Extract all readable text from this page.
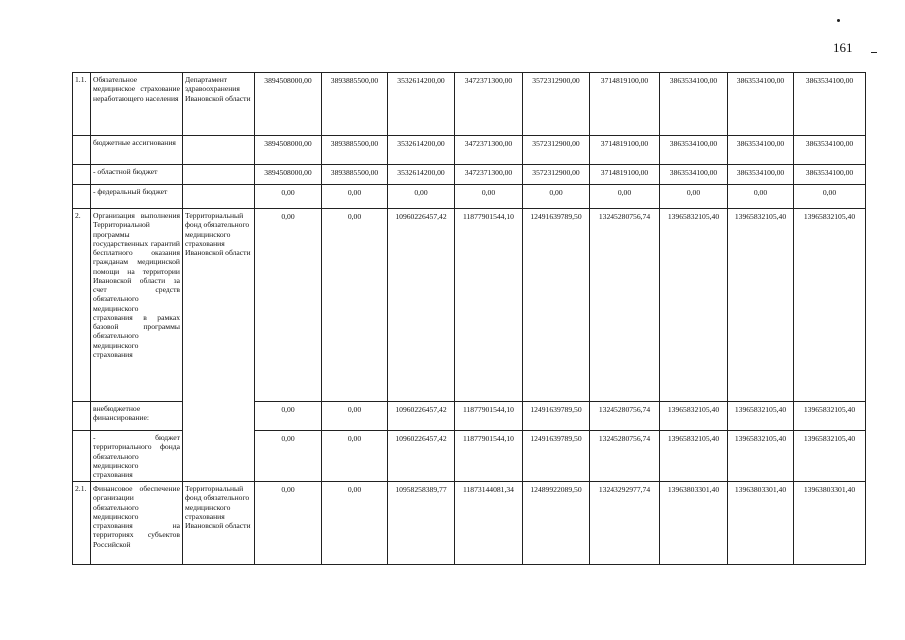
161
1.1.	Обязательное медицинское страхование неработающего населения	Департамент здравоохранения Ивановской области	3894508000,00	3893885500,00	3532614200,00	3472371300,00	3572312900,00	3714819100,00	3863534100,00	3863534100,00	3863534100,00
	бюджетные ассигнования		3894508000,00	3893885500,00	3532614200,00	3472371300,00	3572312900,00	3714819100,00	3863534100,00	3863534100,00	3863534100,00
	- областной бюджет		3894508000,00	3893885500,00	3532614200,00	3472371300,00	3572312900,00	3714819100,00	3863534100,00	3863534100,00	3863534100,00
	- федеральный бюджет		0,00	0,00	0,00	0,00	0,00	0,00	0,00	0,00	0,00
2.	Организация выполнения Территориальной программы государственных гарантий бесплатного оказания гражданам медицинской помощи на территории Ивановской области за счет средств обязательного медицинского страхования в рамках базовой программы обязательного медицинского страхования	Территориальный фонд обязательного медицинского страхования Ивановской области	0,00	0,00	10960226457,42	11877901544,10	12491639789,50	13245280756,74	13965832105,40	13965832105,40	13965832105,40
	внебюджетное финансирование:		0,00	0,00	10960226457,42	11877901544,10	12491639789,50	13245280756,74	13965832105,40	13965832105,40	13965832105,40
	- бюджет территориального фонда обязательного медицинского страхования		0,00	0,00	10960226457,42	11877901544,10	12491639789,50	13245280756,74	13965832105,40	13965832105,40	13965832105,40
2.1.	Финансовое обеспечение организации обязательного медицинского страхования на территориях субъектов Российской	Территориальный фонд обязательного медицинского страхования Ивановской области	0,00	0,00	10958258389,77	11873144081,34	12489922089,50	13243292977,74	13963803301,40	13963803301,40	13963803301,40
